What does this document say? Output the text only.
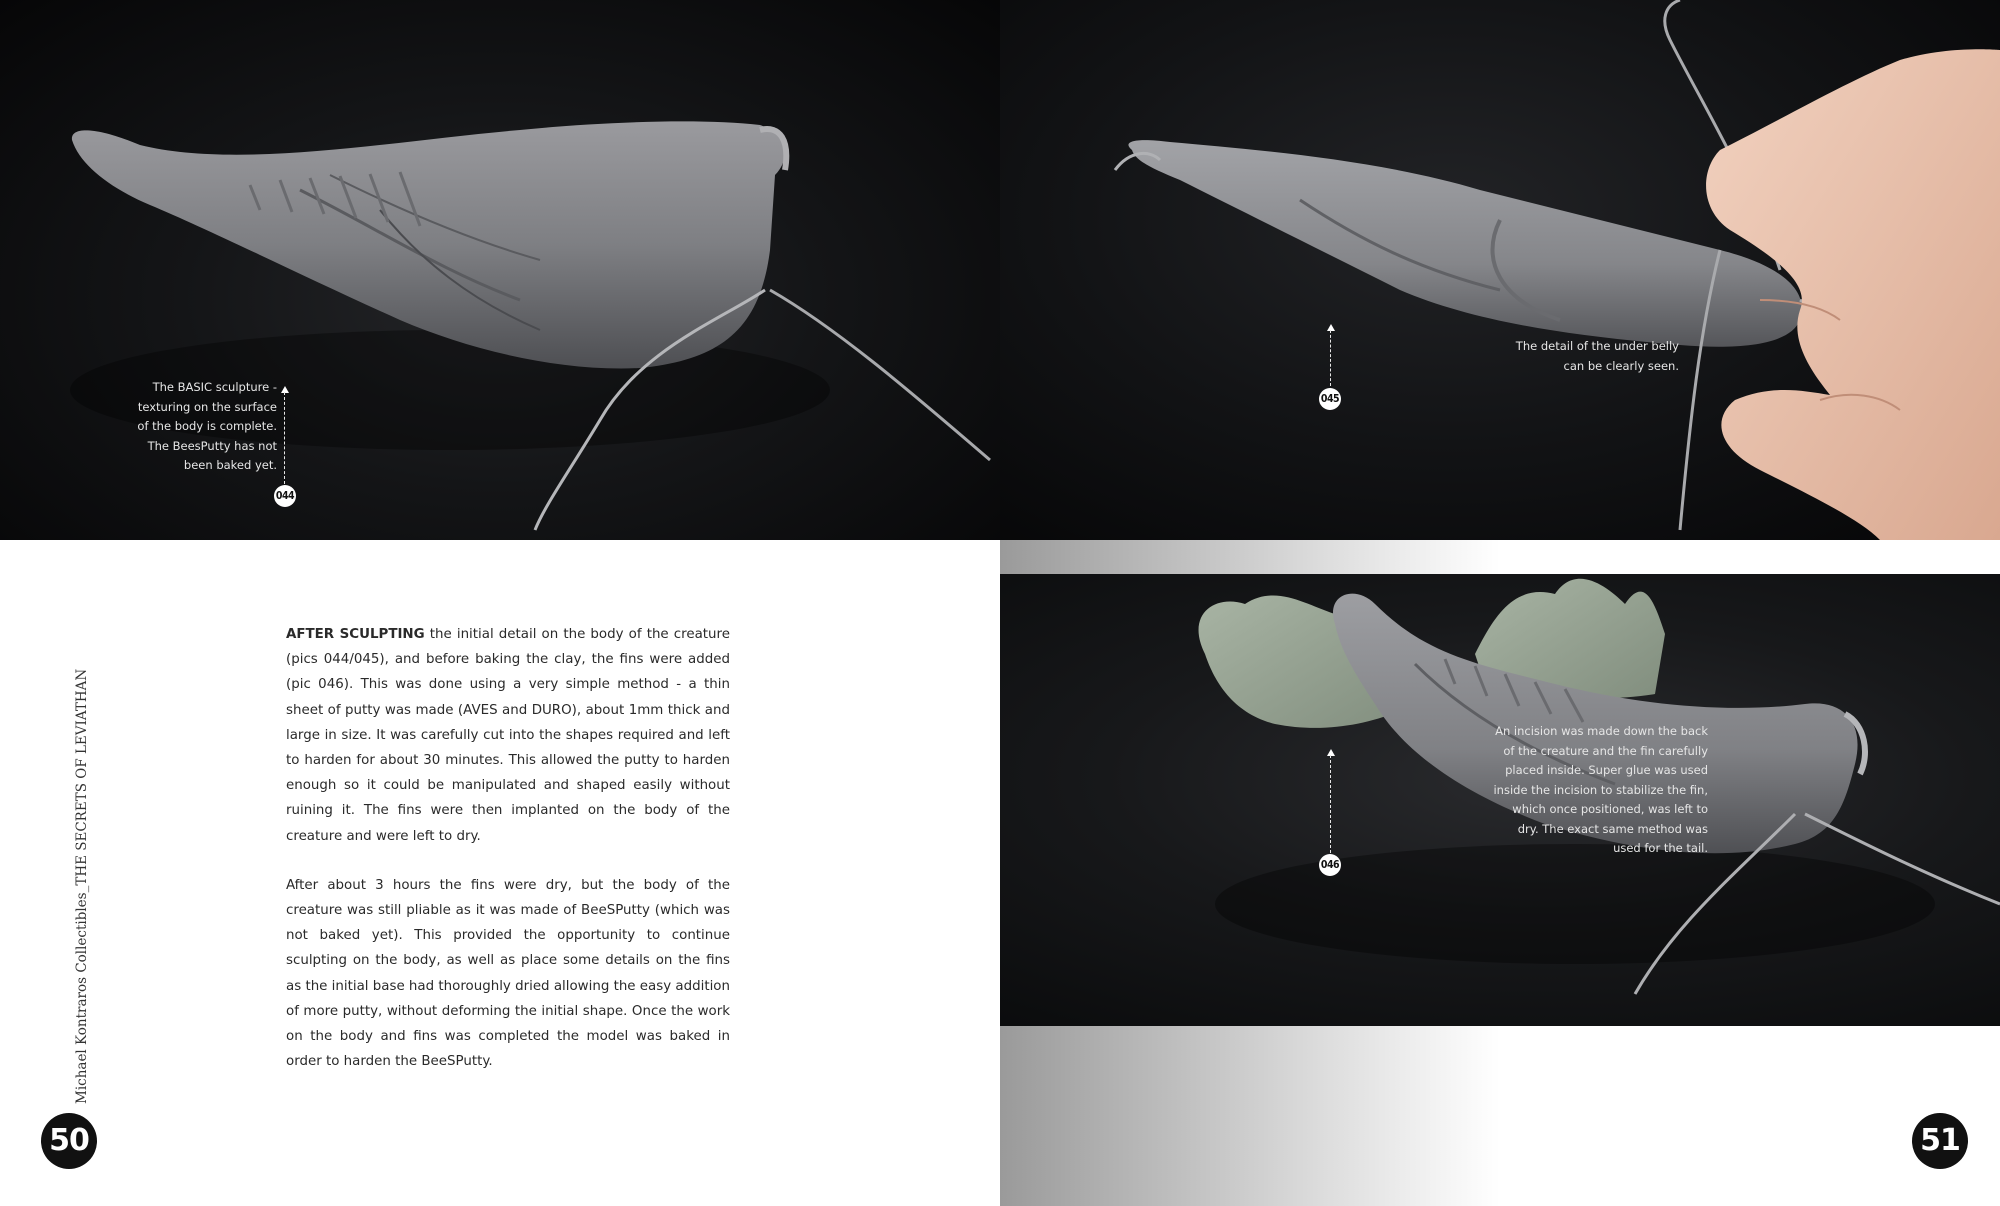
The BASIC sculpture -

texturing on the surface

of the body is complete.

The BeesPutty has not

been baked yet.

044

AFTER SCULPTING the initial detail on the body of the creature (pics 044/045), and before baking the clay, the fins were added (pic 046). This was done using a very simple method - a thin sheet of putty was made (AVES and DURO), about 1mm thick and large in size. It was carefully cut into the shapes required and left to harden for about 30 minutes. This allowed the putty to harden enough so it could be manipulated and shaped easily without ruining it. The fins were then implanted on the body of the creature and were left to dry.

After about 3 hours the fins were dry, but the body of the creature was still pliable as it was made of BeeSPutty (which was not baked yet). This provided the opportunity to continue sculpting on the body, as well as place some details on the fins as the initial base had thoroughly dried allowing the easy addition of more putty, without deforming the initial shape. Once the work on the body and fins was completed the model was baked in order to harden the BeeSPutty.

Michael Kontraros Collectibles_THE SECRETS OF LEVIATHAN
50

The detail of the under belly

can be clearly seen.

045

An incision was made down the back

of the creature and the fin carefully

placed inside. Super glue was used

inside the incision to stabilize the fin,

which once positioned, was left to

dry. The exact same method was

used for the tail.

046
51
